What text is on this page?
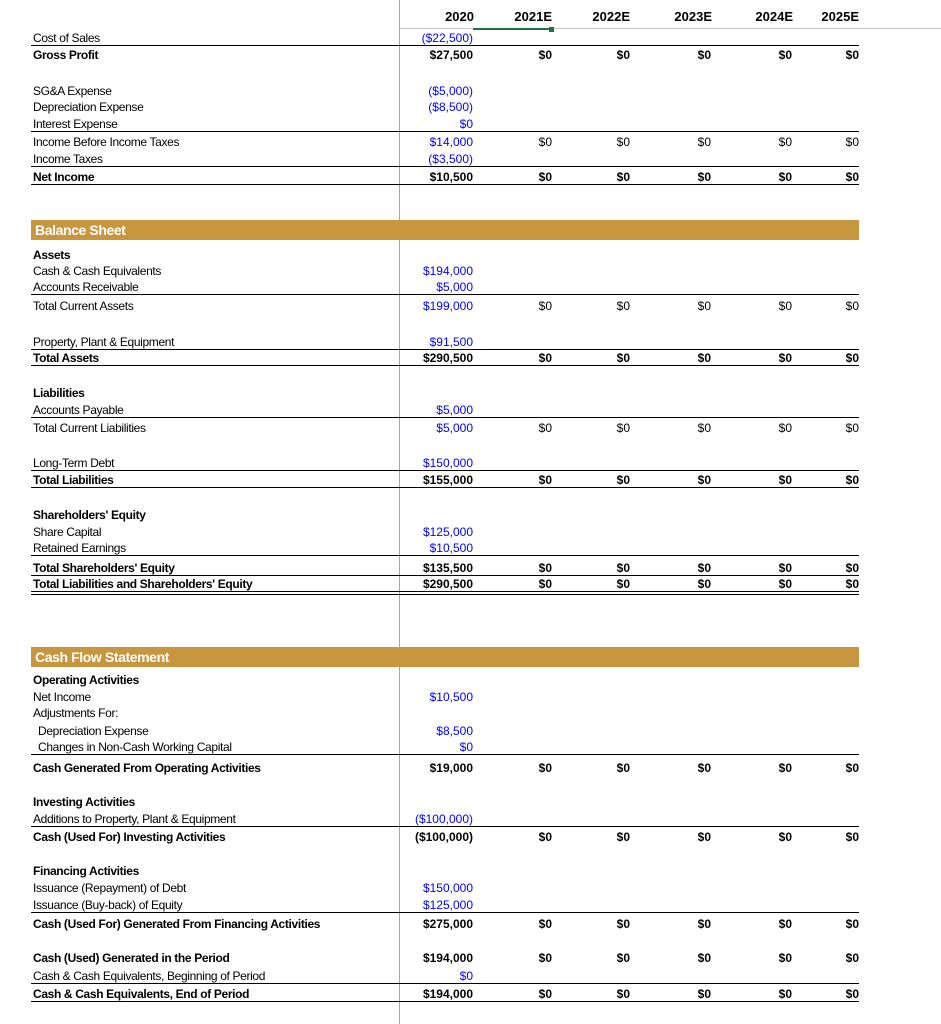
2020	2021E	2022E	2023E	2024E	2025E
Balance Sheet
Cash Flow Statement
Cost of Sales	($22,500)
Gross Profit	$27,500	$0	$0	$0	$0	$0
SG&A Expense	($5,000)
Depreciation Expense	($8,500)
Interest Expense	$0
Income Before Income Taxes	$14,000	$0	$0	$0	$0	$0
Income Taxes	($3,500)
Net Income	$10,500	$0	$0	$0	$0	$0
Assets
Cash & Cash Equivalents	$194,000
Accounts Receivable	$5,000
Total Current Assets	$199,000	$0	$0	$0	$0	$0
Property, Plant & Equipment	$91,500
Total Assets	$290,500	$0	$0	$0	$0	$0
Liabilities
Accounts Payable	$5,000
Total Current Liabilities	$5,000	$0	$0	$0	$0	$0
Long-Term Debt	$150,000
Total Liabilities	$155,000	$0	$0	$0	$0	$0
Shareholders' Equity
Share Capital	$125,000
Retained Earnings	$10,500
Total Shareholders' Equity	$135,500	$0	$0	$0	$0	$0
Total Liabilities and Shareholders' Equity	$290,500	$0	$0	$0	$0	$0
Operating Activities
Net Income	$10,500
Adjustments For:
Depreciation Expense	$8,500
Changes in Non-Cash Working Capital	$0
Cash Generated From Operating Activities	$19,000	$0	$0	$0	$0	$0
Investing Activities
Additions to Property, Plant & Equipment	($100,000)
Cash (Used For) Investing Activities	($100,000)	$0	$0	$0	$0	$0
Financing Activities
Issuance (Repayment) of Debt	$150,000
Issuance (Buy-back) of Equity	$125,000
Cash (Used For) Generated From Financing Activities	$275,000	$0	$0	$0	$0	$0
Cash (Used) Generated in the Period	$194,000	$0	$0	$0	$0	$0
Cash & Cash Equivalents, Beginning of Period	$0
Cash & Cash Equivalents, End of Period	$194,000	$0	$0	$0	$0	$0
